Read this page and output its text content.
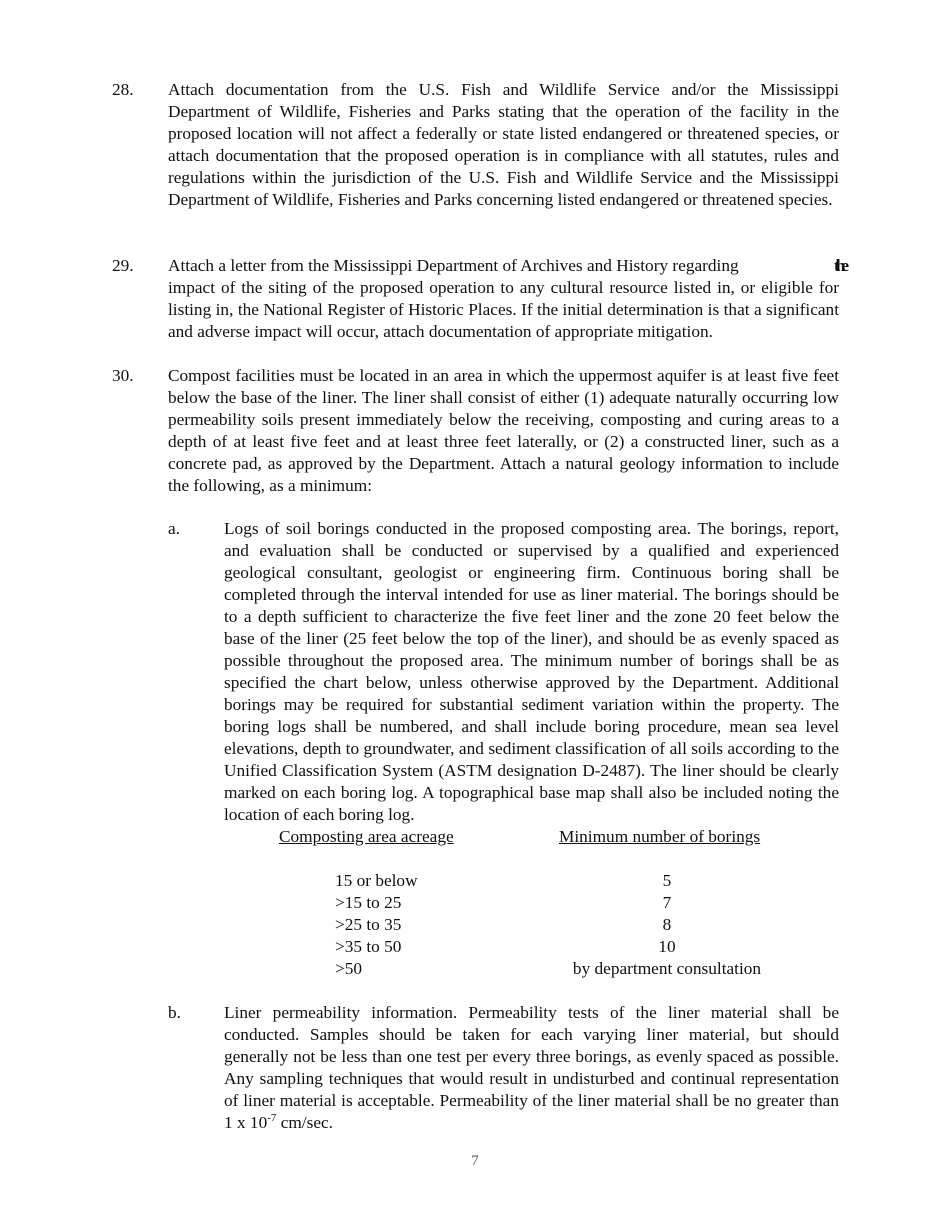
28. Attach documentation from the U.S. Fish and Wildlife Service and/or the Mississippi Department of Wildlife, Fisheries and Parks stating that the operation of the facility in the proposed location will not affect a federally or state listed endangered or threatened species, or attach documentation that the proposed operation is in compliance with all statutes, rules and regulations within the jurisdiction of the U.S. Fish and Wildlife Service and the Mississippi Department of Wildlife, Fisheries and Parks concerning listed endangered or threatened species.
29. Attach a letter from the Mississippi Department of Archives and History regarding	the
impact of the siting of the proposed operation to any cultural resource listed in, or eligible for listing in, the National Register of Historic Places. If the initial determination is that a significant and adverse impact will occur, attach documentation of appropriate mitigation.
30. Compost facilities must be located in an area in which the uppermost aquifer is at least five feet below the base of the liner. The liner shall consist of either (1) adequate naturally occurring low permeability soils present immediately below the receiving, composting and curing areas to a depth of at least five feet and at least three feet laterally, or (2) a constructed liner, such as a concrete pad, as approved by the Department. Attach a natural geology information to include the following, as a minimum:
a.	Logs of soil borings conducted in the proposed composting area. The borings, report, and evaluation shall be conducted or supervised by a qualified and experienced geological consultant, geologist or engineering firm. Continuous boring shall be completed through the interval intended for use as liner material. The borings should be to a depth sufficient to characterize the five feet liner and the zone 20 feet below the base of the liner (25 feet below the top of the liner), and should be as evenly spaced as possible throughout the proposed area. The minimum number of borings shall be as specified the chart below, unless otherwise approved by the Department. Additional borings may be required for substantial sediment variation within the property. The boring logs shall be numbered, and shall include boring procedure, mean sea level elevations, depth to groundwater, and sediment classification of all soils according to the Unified Classification System (ASTM designation D-2487). The liner should be clearly marked on each boring log. A topographical base map shall also be included noting the location of each boring log.
Composting area acreage	Minimum number of borings
15 or below	5
>15 to 25	7
>25 to 35	8
>35 to 50	10
>50	by department consultation
b. Liner permeability information. Permeability tests of the liner material shall be conducted. Samples should be taken for each varying liner material, but should generally not be less than one test per every three borings, as evenly spaced as possible. Any sampling techniques that would result in undisturbed and continual representation of liner material is acceptable. Permeability of the liner material shall be no greater than 1 x $10^{-7}$ cm/sec.
7
